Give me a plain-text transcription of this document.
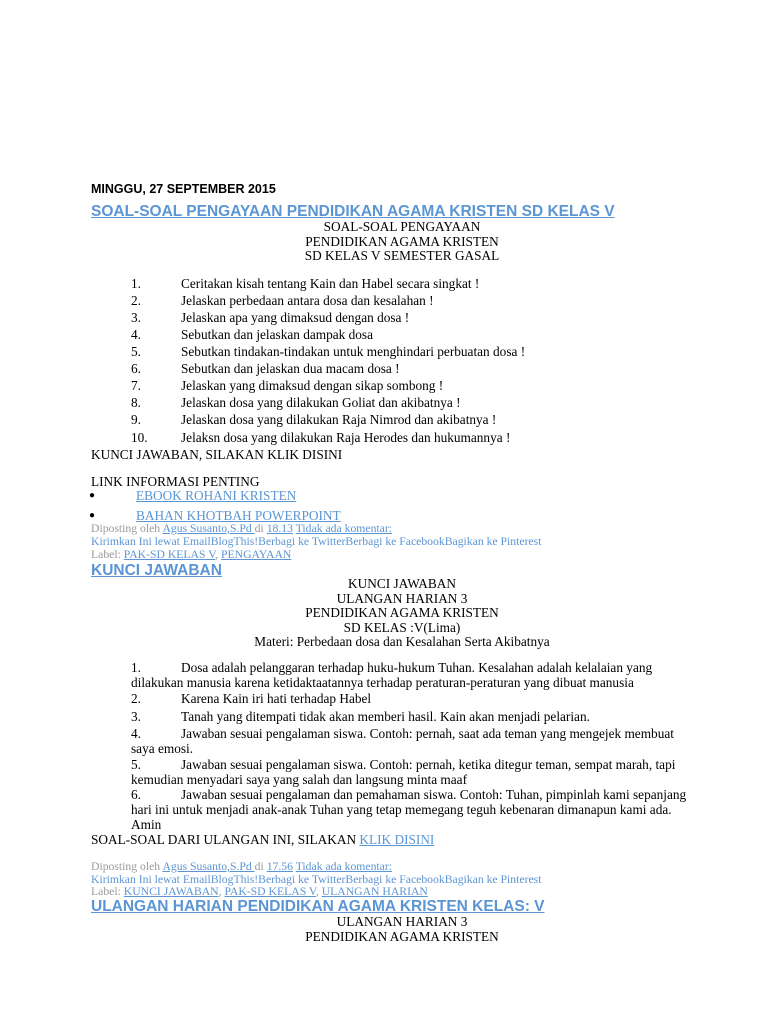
MINGGU, 27 SEPTEMBER 2015
SOAL-SOAL PENGAYAAN PENDIDIKAN AGAMA KRISTEN SD KELAS V
SOAL-SOAL PENGAYAAN
PENDIDIKAN AGAMA KRISTEN
SD KELAS V SEMESTER GASAL
1.	Ceritakan kisah tentang Kain dan Habel secara singkat !
2.	Jelaskan perbedaan antara dosa dan kesalahan !
3.	Jelaskan apa yang dimaksud dengan dosa !
4.	Sebutkan dan jelaskan dampak dosa
5.	Sebutkan tindakan-tindakan untuk menghindari perbuatan dosa !
6.	Sebutkan dan jelaskan dua macam dosa !
7.	Jelaskan yang dimaksud dengan sikap sombong !
8.	Jelaskan dosa yang dilakukan Goliat dan akibatnya !
9.	Jelaskan dosa yang dilakukan Raja Nimrod dan akibatnya !
10.	Jelaksn dosa yang dilakukan Raja Herodes dan hukumannya !
KUNCI JAWABAN, SILAKAN KLIK DISINI
LINK INFORMASI PENTING
●	EBOOK ROHANI KRISTEN
●	BAHAN KHOTBAH POWERPOINT
Diposting oleh Agus Susanto,S.Pd di 18.13 Tidak ada komentar:
Kirimkan Ini lewat EmailBlogThis!Berbagi ke TwitterBerbagi ke FacebookBagikan ke Pinterest
Label: PAK-SD KELAS V, PENGAYAAN
KUNCI JAWABAN
KUNCI JAWABAN
ULANGAN HARIAN 3
PENDIDIKAN AGAMA KRISTEN
SD KELAS :V(Lima)
Materi: Perbedaan dosa dan Kesalahan Serta Akibatnya
1.	Dosa adalah pelanggaran terhadap huku-hukum Tuhan. Kesalahan adalah kelalaian yang
dilakukan manusia karena ketidaktaatannya terhadap peraturan-peraturan yang dibuat manusia
2.	Karena Kain iri hati terhadap Habel
3.	Tanah yang ditempati tidak akan memberi hasil. Kain akan menjadi pelarian.
4.	Jawaban sesuai pengalaman siswa. Contoh: pernah, saat ada teman yang mengejek membuat
saya emosi.
5.	Jawaban sesuai pengalaman siswa. Contoh: pernah, ketika ditegur teman, sempat marah, tapi
kemudian menyadari saya yang salah dan langsung minta maaf
6.	Jawaban sesuai pengalaman dan pemahaman siswa. Contoh: Tuhan, pimpinlah kami sepanjang
hari ini untuk menjadi anak-anak Tuhan yang tetap memegang teguh kebenaran dimanapun kami ada.
Amin
SOAL-SOAL DARI ULANGAN INI, SILAKAN KLIK DISINI
Diposting oleh Agus Susanto,S.Pd di 17.56 Tidak ada komentar:
Kirimkan Ini lewat EmailBlogThis!Berbagi ke TwitterBerbagi ke FacebookBagikan ke Pinterest
Label: KUNCI JAWABAN, PAK-SD KELAS V, ULANGAN HARIAN
ULANGAN HARIAN PENDIDIKAN AGAMA KRISTEN KELAS: V
ULANGAN HARIAN 3
PENDIDIKAN AGAMA KRISTEN
